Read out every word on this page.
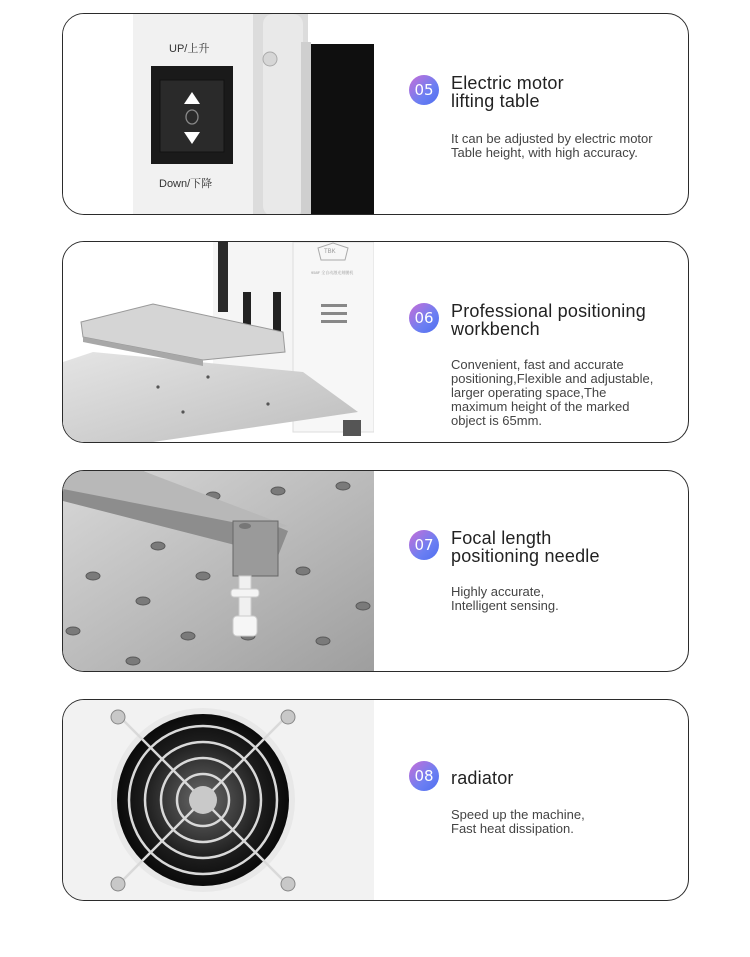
UP/上升
Down/下降
05 Electric motor
lifting table
It can be adjusted by electric motor
Table height, with high accuracy.
TBK
958F 全自动激光刻膜机
06 Professional positioning
workbench
Convenient, fast and accurate
positioning,Flexible and adjustable,
larger operating space,The
maximum height of the marked
object is 65mm.
07 Focal length
positioning needle
Highly accurate,
Intelligent sensing.
08 radiator
Speed up the machine,
Fast heat dissipation.
